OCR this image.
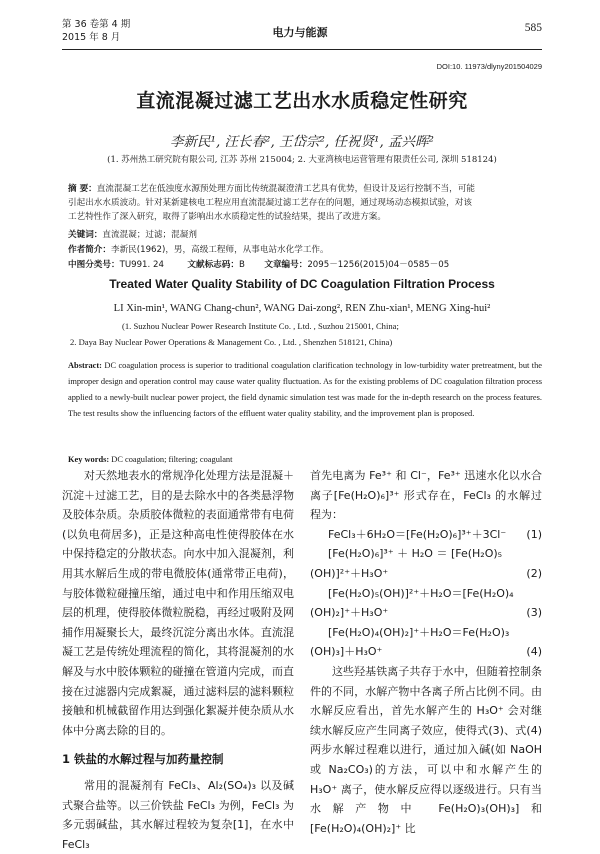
第 36 卷第 4 期
2015 年 8 月	电力与能源	585
DOI:10. 11973/dlyny201504029
直流混凝过滤工艺出水水质稳定性研究
李新民¹, 汪长春², 王岱宗², 任祝贤¹, 孟兴晖²
(1. 苏州热工研究院有限公司, 江苏 苏州 215004; 2. 大亚湾核电运营管理有限责任公司, 深圳 518124)
摘 要：直流混凝工艺在低浊度水源预处理方面比传统混凝澄清工艺具有优势，但设计及运行控制不当，可能
引起出水水质波动。针对某新建核电工程应用直流混凝过滤工艺存在的问题，通过现场动态模拟试验，对该
工艺特性作了深入研究，取得了影响出水水质稳定性的试验结果，提出了改进方案。
关键词：直流混凝；过滤；混凝剂
作者简介：李新民(1962)，男，高级工程师，从事电站水化学工作。
中图分类号：TU991. 24	文献标志码：B 文章编号：2095－1256(2015)04－0585－05
Treated Water Quality Stability of DC Coagulation Filtration Process
LI Xin-min¹, WANG Chang-chun², WANG Dai-zong², REN Zhu-xian¹, MENG Xing-hui²
(1. Suzhou Nuclear Power Research Institute Co. , Ltd. , Suzhou 215001, China;
2. Daya Bay Nuclear Power Operations & Management Co. , Ltd. , Shenzhen 518121, China)
Abstract: DC coagulation process is superior to traditional coagulation clarification technology in low-turbidity water pretreatment, but the improper design and operation control may cause water quality fluctuation. As for the existing problems of DC coagulation filtration process applied to a newly-built nuclear power project, the field dynamic simulation test was made for the in-depth research on the process features. The test results show the influencing factors of the effluent water quality stability, and the improvement plan is proposed.
Key words: DC coagulation; filtering; coagulant

对天然地表水的常规净化处理方法是混凝＋沉淀＋过滤工艺，目的是去除水中的各类悬浮物及胶体杂质。杂质胶体微粒的表面通常带有电荷(以负电荷居多)，正是这种高电性使得胶体在水中保持稳定的分散状态。向水中加入混凝剂，利用其水解后生成的带电微胶体(通常带正电荷)，与胶体微粒碰撞压缩，通过电中和作用压缩双电层的机理，使得胶体微粒脱稳，再经过吸附及网捕作用凝聚长大，最终沉淀分离出水体。直流混凝工艺是传统处理流程的简化，其将混凝剂的水解及与水中胶体颗粒的碰撞在管道内完成，而直接在过滤器内完成絮凝，通过滤料层的滤料颗粒接触和机械截留作用达到强化絮凝并使杂质从水体中分离去除的目的。

1 铁盐的水解过程与加药量控制

常用的混凝剂有 FeCl₃、Al₂(SO₄)₃ 以及碱式聚合盐等。以三价铁盐 FeCl₃ 为例，FeCl₃ 为多元弱碱盐，其水解过程较为复杂[1]，在水中 FeCl₃

首先电离为 Fe³⁺ 和 Cl⁻，Fe³⁺ 迅速水化以水合离子[Fe(H₂O)₆]³⁺ 形式存在，FeCl₃ 的水解过程为：

FeCl₃＋6H₂O＝[Fe(H₂O)₆]³⁺＋3Cl⁻ (1)
[Fe(H₂O)₆]³⁺ ＋ H₂O ＝ [Fe(H₂O)₅
(OH)]²⁺＋H₃O⁺	(2)
[Fe(H₂O)₅(OH)]²⁺＋H₂O＝[Fe(H₂O)₄
(OH)₂]⁺＋H₃O⁺	(3)
[Fe(H₂O)₄(OH)₂]⁺＋H₂O＝Fe(H₂O)₃
(OH)₃]＋H₃O⁺	(4)

这些羟基铁离子共存于水中，但随着控制条件的不同，水解产物中各离子所占比例不同。由水解反应看出，首先水解产生的 H₃O⁺ 会对继续水解反应产生同离子效应，使得式(3)、式(4)两步水解过程难以进行，通过加入碱(如 NaOH 或 Na₂CO₃)的方法，可以中和水解产生的 H₃O⁺ 离子，使水解反应得以逐级进行。只有当水解产物中 Fe(H₂O)₃(OH)₃]和[Fe(H₂O)₄(OH)₂]⁺ 比
